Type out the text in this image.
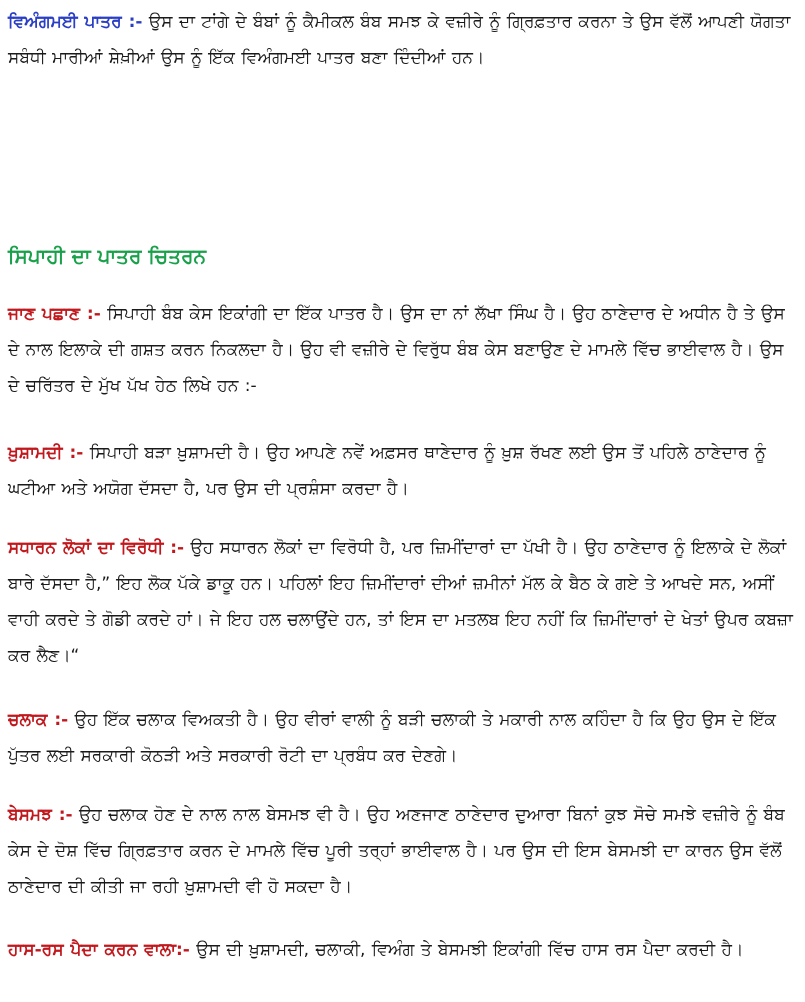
ਵਿਅੰਗਮਈ ਪਾਤਰ :- ਉਸ ਦਾ ਟਾਂਗੇ ਦੇ ਬੰਬਾਂ ਨੂੰ ਕੈਮੀਕਲ ਬੰਬ ਸਮਝ ਕੇ ਵਜ਼ੀਰੇ ਨੂੰ ਗ੍ਰਿਫ਼ਤਾਰ ਕਰਨਾ ਤੇ ਉਸ ਵੱਲੋਂ ਆਪਣੀ ਯੋਗਤਾ ਸਬੰਧੀ ਮਾਰੀਆਂ ਸ਼ੇਖ਼ੀਆਂ ਉਸ ਨੂੰ ਇੱਕ ਵਿਅੰਗਮਈ ਪਾਤਰ ਬਣਾ ਦਿੰਦੀਆਂ ਹਨ।

ਸਿਪਾਹੀ ਦਾ ਪਾਤਰ ਚਿਤਰਨ

ਜਾਣ ਪਛਾਣ :- ਸਿਪਾਹੀ ਬੰਬ ਕੇਸ ਇਕਾਂਗੀ ਦਾ ਇੱਕ ਪਾਤਰ ਹੈ। ਉਸ ਦਾ ਨਾਂ ਲੱਖਾ ਸਿੰਘ ਹੈ। ਉਹ ਠਾਣੇਦਾਰ ਦੇ ਅਧੀਨ ਹੈ ਤੇ ਉਸ ਦੇ ਨਾਲ ਇਲਾਕੇ ਦੀ ਗਸ਼ਤ ਕਰਨ ਨਿਕਲਦਾ ਹੈ। ਉਹ ਵੀ ਵਜ਼ੀਰੇ ਦੇ ਵਿਰੁੱਧ ਬੰਬ ਕੇਸ ਬਣਾਉਣ ਦੇ ਮਾਮਲੇ ਵਿੱਚ ਭਾਈਵਾਲ ਹੈ। ਉਸ ਦੇ ਚਰਿੱਤਰ ਦੇ ਮੁੱਖ ਪੱਖ ਹੇਠ ਲਿਖੇ ਹਨ :-

ਖ਼ੁਸ਼ਾਮਦੀ :- ਸਿਪਾਹੀ ਬੜਾ ਖ਼ੁਸ਼ਾਮਦੀ ਹੈ। ਉਹ ਆਪਣੇ ਨਵੇਂ ਅਫ਼ਸਰ ਥਾਣੇਦਾਰ ਨੂੰ ਖ਼ੁਸ਼ ਰੱਖਣ ਲਈ ਉਸ ਤੋਂ ਪਹਿਲੇ ਠਾਣੇਦਾਰ ਨੂੰ ਘਟੀਆ ਅਤੇ ਅਯੋਗ ਦੱਸਦਾ ਹੈ, ਪਰ ਉਸ ਦੀ ਪ੍ਰਸ਼ੰਸਾ ਕਰਦਾ ਹੈ।

ਸਧਾਰਨ ਲੋਕਾਂ ਦਾ ਵਿਰੋਧੀ :- ਉਹ ਸਧਾਰਨ ਲੋਕਾਂ ਦਾ ਵਿਰੋਧੀ ਹੈ, ਪਰ ਜ਼ਿਮੀਂਦਾਰਾਂ ਦਾ ਪੱਖੀ ਹੈ। ਉਹ ਠਾਣੇਦਾਰ ਨੂੰ ਇਲਾਕੇ ਦੇ ਲੋਕਾਂ ਬਾਰੇ ਦੱਸਦਾ ਹੈ,” ਇਹ ਲੋਕ ਪੱਕੇ ਡਾਕੂ ਹਨ। ਪਹਿਲਾਂ ਇਹ ਜ਼ਿਮੀਂਦਾਰਾਂ ਦੀਆਂ ਜ਼ਮੀਨਾਂ ਮੱਲ ਕੇ ਬੈਠ ਕੇ ਗਏ ਤੇ ਆਖਦੇ ਸਨ, ਅਸੀਂ ਵਾਹੀ ਕਰਦੇ ਤੇ ਗੋਡੀ ਕਰਦੇ ਹਾਂ। ਜੇ ਇਹ ਹਲ ਚਲਾਉਂਦੇ ਹਨ, ਤਾਂ ਇਸ ਦਾ ਮਤਲਬ ਇਹ ਨਹੀਂ ਕਿ ਜ਼ਿਮੀਂਦਾਰਾਂ ਦੇ ਖੇਤਾਂ ਉਪਰ ਕਬਜ਼ਾ ਕਰ ਲੈਣ।“

ਚਲਾਕ :- ਉਹ ਇੱਕ ਚਲਾਕ ਵਿਅਕਤੀ ਹੈ। ਉਹ ਵੀਰਾਂ ਵਾਲੀ ਨੂੰ ਬੜੀ ਚਲਾਕੀ ਤੇ ਮਕਾਰੀ ਨਾਲ ਕਹਿੰਦਾ ਹੈ ਕਿ ਉਹ ਉਸ ਦੇ ਇੱਕ ਪੁੱਤਰ ਲਈ ਸਰਕਾਰੀ ਕੋਠੜੀ ਅਤੇ ਸਰਕਾਰੀ ਰੋਟੀ ਦਾ ਪ੍ਰਬੰਧ ਕਰ ਦੇਣਗੇ।

ਬੇਸਮਝ :- ਉਹ ਚਲਾਕ ਹੋਣ ਦੇ ਨਾਲ ਨਾਲ ਬੇਸਮਝ ਵੀ ਹੈ। ਉਹ ਅਣਜਾਣ ਠਾਣੇਦਾਰ ਦੁਆਰਾ ਬਿਨਾਂ ਕੁਝ ਸੋਚੇ ਸਮਝੇ ਵਜ਼ੀਰੇ ਨੂੰ ਬੰਬ ਕੇਸ ਦੇ ਦੋਸ਼ ਵਿੱਚ ਗ੍ਰਿਫ਼ਤਾਰ ਕਰਨ ਦੇ ਮਾਮਲੇ ਵਿੱਚ ਪੂਰੀ ਤਰ੍ਹਾਂ ਭਾਈਵਾਲ ਹੈ। ਪਰ ਉਸ ਦੀ ਇਸ ਬੇਸਮਝੀ ਦਾ ਕਾਰਨ ਉਸ ਵੱਲੋਂ ਠਾਣੇਦਾਰ ਦੀ ਕੀਤੀ ਜਾ ਰਹੀ ਖ਼ੁਸ਼ਾਮਦੀ ਵੀ ਹੋ ਸਕਦਾ ਹੈ।

ਹਾਸ-ਰਸ ਪੈਦਾ ਕਰਨ ਵਾਲਾ:- ਉਸ ਦੀ ਖ਼ੁਸ਼ਾਮਦੀ, ਚਲਾਕੀ, ਵਿਅੰਗ ਤੇ ਬੇਸਮਝੀ ਇਕਾਂਗੀ ਵਿੱਚ ਹਾਸ ਰਸ ਪੈਦਾ ਕਰਦੀ ਹੈ।
